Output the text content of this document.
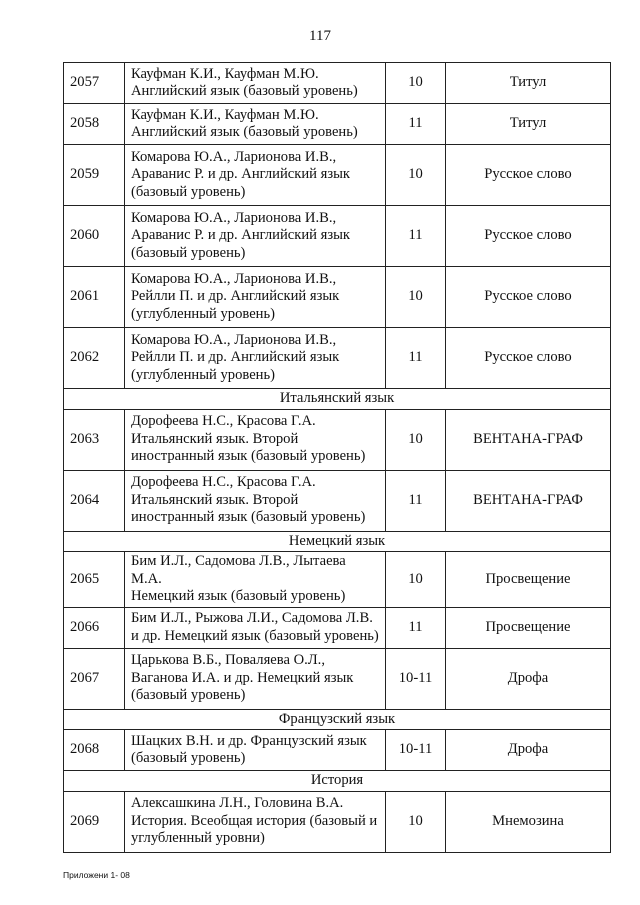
117
2057	Кауфман К.И., Кауфман М.Ю.
Английский язык (базовый уровень)	10	Титул
2058	Кауфман К.И., Кауфман М.Ю.
Английский язык (базовый уровень)	11	Титул
2059	Комарова Ю.А., Ларионова И.В.,
Араванис Р. и др. Английский язык
(базовый уровень)	10	Русское слово
2060	Комарова Ю.А., Ларионова И.В.,
Араванис Р. и др. Английский язык
(базовый уровень)	11	Русское слово
2061	Комарова Ю.А., Ларионова И.В.,
Рейлли П. и др. Английский язык
(углубленный уровень)	10	Русское слово
2062	Комарова Ю.А., Ларионова И.В.,
Рейлли П. и др. Английский язык
(углубленный уровень)	11	Русское слово
Итальянский язык			
2063	Дорофеева Н.С., Красова Г.А.
Итальянский язык. Второй
иностранный язык (базовый уровень)	10	ВЕНТАНА-ГРАФ
2064	Дорофеева Н.С., Красова Г.А.
Итальянский язык. Второй
иностранный язык (базовый уровень)	11	ВЕНТАНА-ГРАФ
Немецкий язык			
2065	Бим И.Л., Садомова Л.В., Лытаева М.А.
Немецкий язык (базовый уровень)	10	Просвещение
2066	Бим И.Л., Рыжова Л.И., Садомова Л.В.
и др. Немецкий язык (базовый уровень)	11	Просвещение
2067	Царькова В.Б., Поваляева О.Л.,
Ваганова И.А. и др. Немецкий язык
(базовый уровень)	10-11	Дрофа
Французский язык			
2068	Шацких В.Н. и др. Французский язык
(базовый уровень)	10-11	Дрофа
История			
2069	Алексашкина Л.Н., Головина В.А.
История. Всеобщая история (базовый и
углубленный уровни)	10	Мнемозина
Приложени 1- 08
